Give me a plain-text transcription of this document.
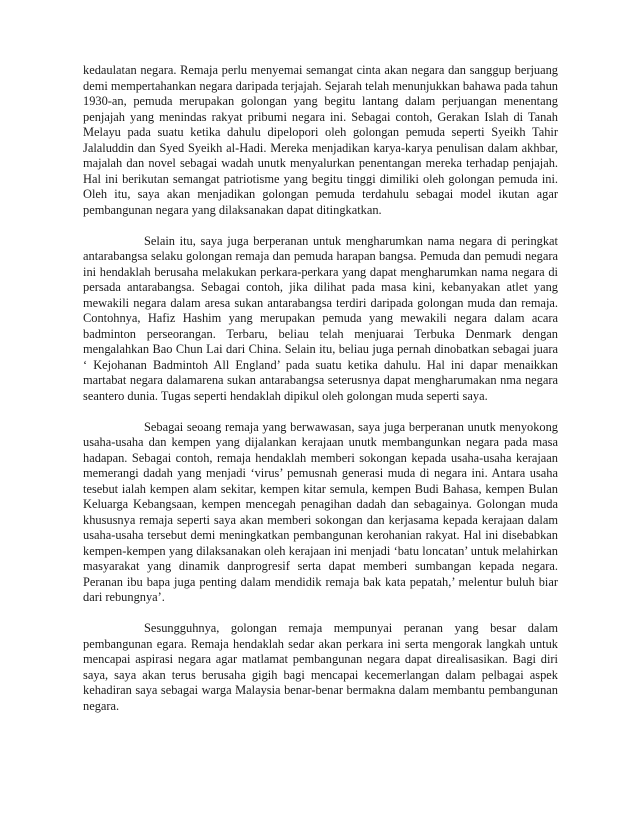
kedaulatan negara. Remaja perlu menyemai semangat cinta akan negara dan sanggup berjuang demi mempertahankan negara daripada terjajah. Sejarah telah menunjukkan bahawa pada tahun 1930-an, pemuda merupakan golongan yang begitu lantang dalam perjuangan menentang penjajah yang menindas rakyat pribumi negara ini. Sebagai contoh, Gerakan Islah di Tanah Melayu pada suatu ketika dahulu dipelopori oleh golongan pemuda seperti Syeikh Tahir Jalaluddin dan Syed Syeikh al-Hadi. Mereka menjadikan karya-karya penulisan dalam akhbar, majalah dan novel sebagai wadah unutk menyalurkan penentangan mereka terhadap penjajah. Hal ini berikutan semangat patriotisme yang begitu tinggi dimiliki oleh golongan pemuda ini. Oleh itu, saya akan menjadikan golongan pemuda terdahulu sebagai model ikutan agar pembangunan negara yang dilaksanakan dapat ditingkatkan.

Selain itu, saya juga berperanan untuk mengharumkan nama negara di peringkat antarabangsa selaku golongan remaja dan pemuda harapan bangsa. Pemuda dan pemudi negara ini hendaklah berusaha melakukan perkara-perkara yang dapat mengharumkan nama negara di persada antarabangsa. Sebagai contoh, jika dilihat pada masa kini, kebanyakan atlet yang mewakili negara dalam aresa sukan antarabangsa terdiri daripada golongan muda dan remaja. Contohnya, Hafiz Hashim yang merupakan pemuda yang mewakili negara dalam acara badminton perseorangan. Terbaru, beliau telah menjuarai Terbuka Denmark dengan mengalahkan Bao Chun Lai dari China. Selain itu, beliau juga pernah dinobatkan sebagai juara ‘ Kejohanan Badmintoh All England’ pada suatu ketika dahulu. Hal ini dapar menaikkan martabat negara dalamarena sukan antarabangsa seterusnya dapat mengharumakan nma negara seantero dunia. Tugas seperti hendaklah dipikul oleh golongan muda seperti saya.

Sebagai seoang remaja yang berwawasan, saya juga berperanan unutk menyokong usaha-usaha dan kempen yang dijalankan kerajaan unutk membangunkan negara pada masa hadapan. Sebagai contoh, remaja hendaklah memberi sokongan kepada usaha-usaha kerajaan memerangi dadah yang menjadi ‘virus’ pemusnah generasi muda di negara ini. Antara usaha tesebut ialah kempen alam sekitar, kempen kitar semula, kempen Budi Bahasa, kempen Bulan Keluarga Kebangsaan, kempen mencegah penagihan dadah dan sebagainya. Golongan muda khususnya remaja seperti saya akan memberi sokongan dan kerjasama kepada kerajaan dalam usaha-usaha tersebut demi meningkatkan pembangunan kerohanian rakyat. Hal ini disebabkan kempen-kempen yang dilaksanakan oleh kerajaan ini menjadi ‘batu loncatan’ untuk melahirkan masyarakat yang dinamik danprogresif serta dapat memberi sumbangan kepada negara. Peranan ibu bapa juga penting dalam mendidik remaja bak kata pepatah,’ melentur buluh biar dari rebungnya’.

Sesungguhnya, golongan remaja mempunyai peranan yang besar dalam pembangunan egara. Remaja hendaklah sedar akan perkara ini serta mengorak langkah untuk mencapai aspirasi negara agar matlamat pembangunan negara dapat direalisasikan. Bagi diri saya, saya akan terus berusaha gigih bagi mencapai kecemerlangan dalam pelbagai aspek kehadiran saya sebagai warga Malaysia benar-benar bermakna dalam membantu pembangunan negara.
